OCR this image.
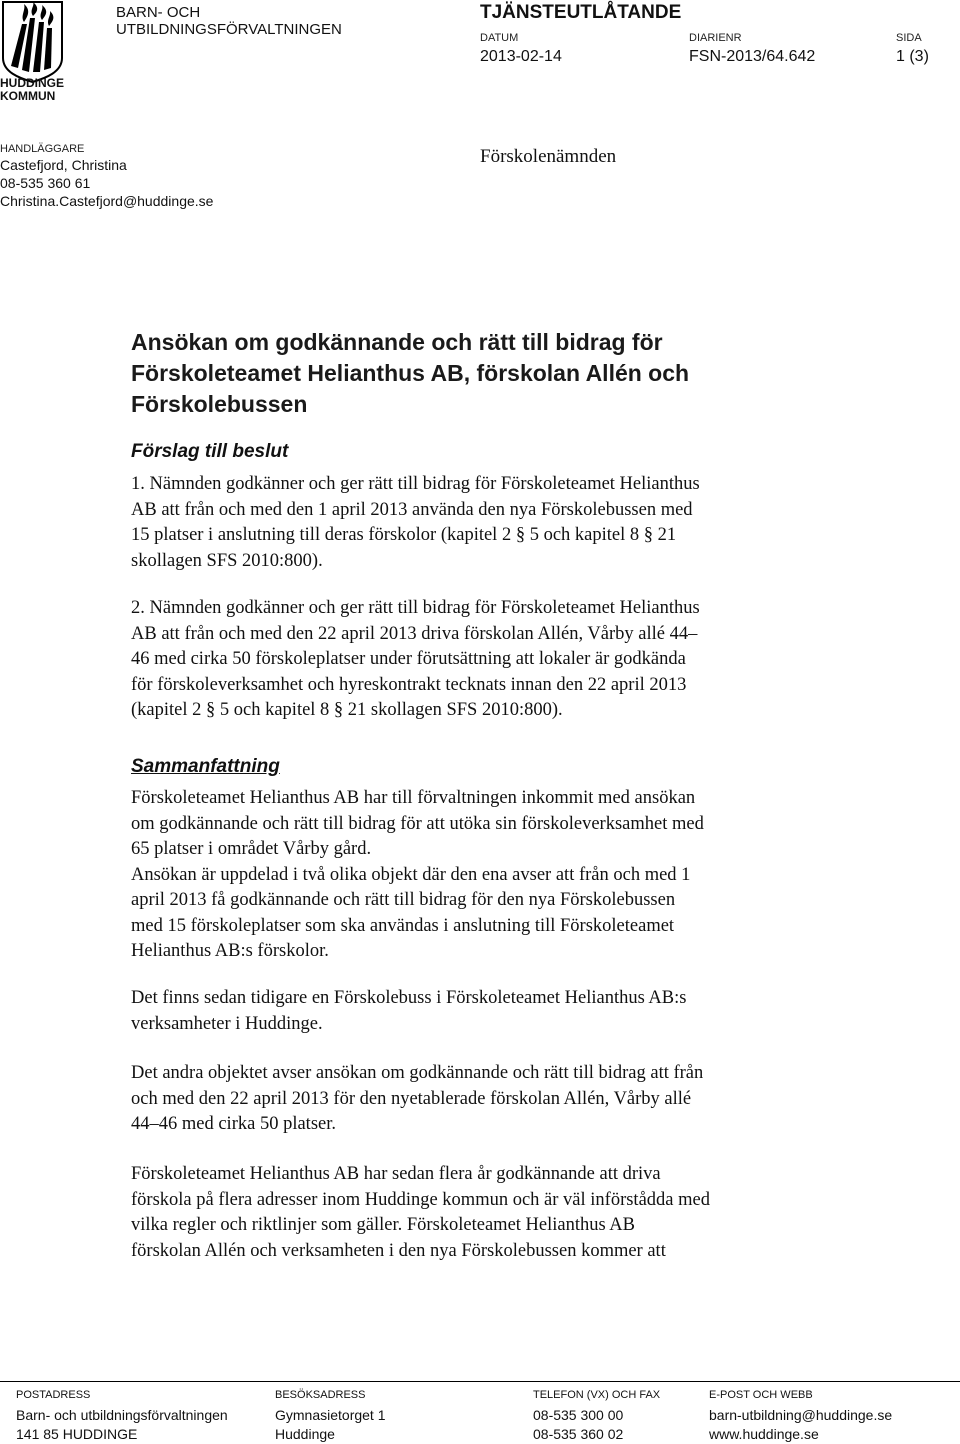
HUDDINGE
KOMMUN
BARN- OCH
UTBILDNINGSFÖRVALTNINGEN
TJÄNSTEUTLÅTANDE
DATUM
2013-02-14
DIARIENR
FSN-2013/64.642
SIDA
1 (3)
HANDLÄGGARE
Castefjord, Christina
08-535 360 61
Christina.Castefjord@huddinge.se
Förskolenämnden
Ansökan om godkännande och rätt till bidrag för
Förskoleteamet Helianthus AB, förskolan Allén och
Förskolebussen
Förslag till beslut

1. Nämnden godkänner och ger rätt till bidrag för Förskoleteamet Helianthus
AB att från och med den 1 april 2013 använda den nya Förskolebussen med
15 platser i anslutning till deras förskolor (kapitel 2 § 5 och kapitel 8 § 21
skollagen SFS 2010:800).

2. Nämnden godkänner och ger rätt till bidrag för Förskoleteamet Helianthus
AB att från och med den 22 april 2013 driva förskolan Allén, Vårby allé 44–
46 med cirka 50 förskoleplatser under förutsättning att lokaler är godkända
för förskoleverksamhet och hyreskontrakt tecknats innan den 22 april 2013
(kapitel 2 § 5 och kapitel 8 § 21 skollagen SFS 2010:800).

Sammanfattning

Förskoleteamet Helianthus AB har till förvaltningen inkommit med ansökan
om godkännande och rätt till bidrag för att utöka sin förskoleverksamhet med
65 platser i området Vårby gård.
Ansökan är uppdelad i två olika objekt där den ena avser att från och med 1
april 2013 få godkännande och rätt till bidrag för den nya Förskolebussen
med 15 förskoleplatser som ska användas i anslutning till Förskoleteamet
Helianthus AB:s förskolor.

Det finns sedan tidigare en Förskolebuss i Förskoleteamet Helianthus AB:s
verksamheter i Huddinge.

Det andra objektet avser ansökan om godkännande och rätt till bidrag att från
och med den 22 april 2013 för den nyetablerade förskolan Allén, Vårby allé
44–46 med cirka 50 platser.

Förskoleteamet Helianthus AB har sedan flera år godkännande att driva
förskola på flera adresser inom Huddinge kommun och är väl införstådda med
vilka regler och riktlinjer som gäller. Förskoleteamet Helianthus AB
förskolan Allén och verksamheten i den nya Förskolebussen kommer att

POSTADRESS
Barn- och utbildningsförvaltningen
141 85 HUDDINGE
BESÖKSADRESS
Gymnasietorget 1
Huddinge
TELEFON (VX) OCH FAX
08-535 300 00
08-535 360 02
E-POST OCH WEBB
barn-utbildning@huddinge.se
www.huddinge.se
